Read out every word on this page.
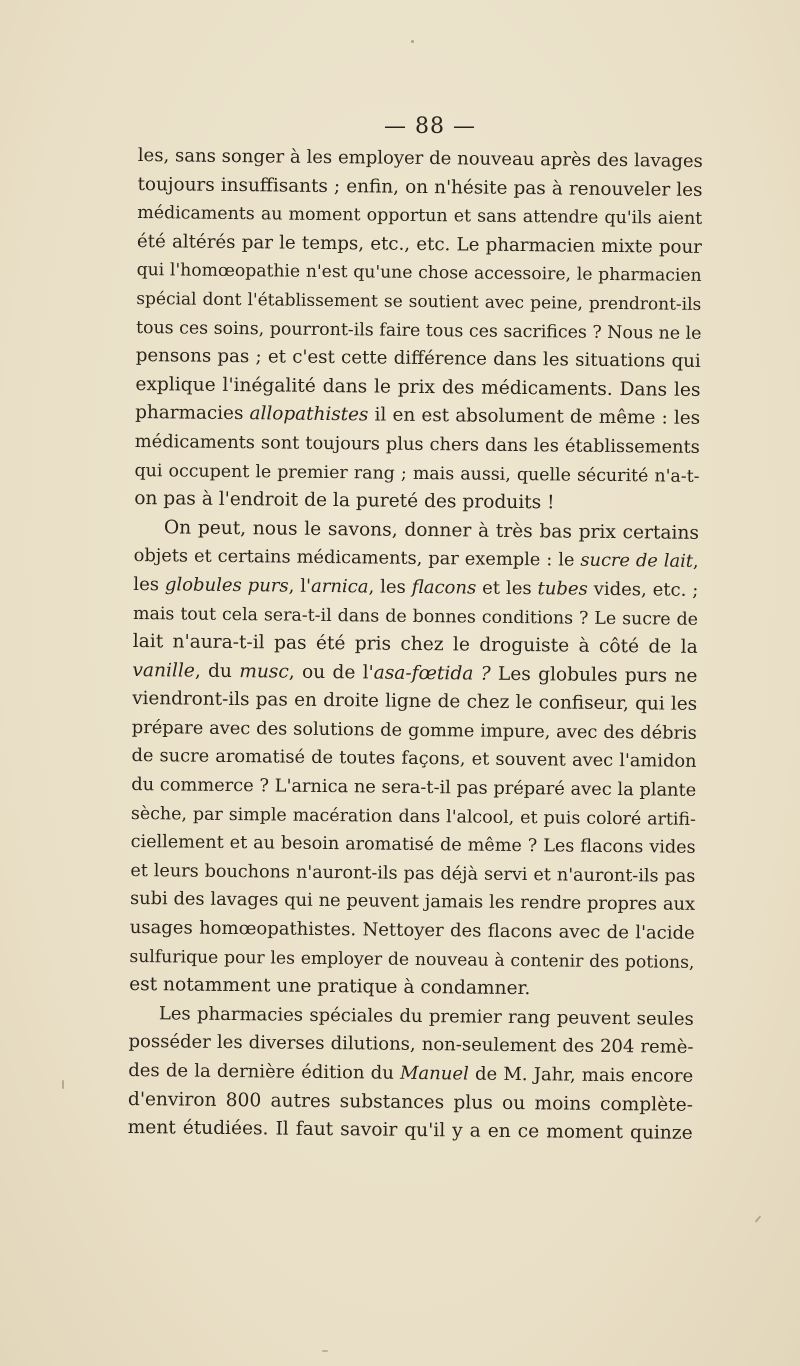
— 88 —
les, sans songer à les employer de nouveau après des lavages
toujours insuffisants ; enfin, on n'hésite pas à renouveler les
médicaments au moment opportun et sans attendre qu'ils aient
été altérés par le temps, etc., etc. Le pharmacien mixte pour
qui l'homœopathie n'est qu'une chose accessoire, le pharmacien
spécial dont l'établissement se soutient avec peine, prendront-ils
tous ces soins, pourront-ils faire tous ces sacrifices ? Nous ne le
pensons pas ; et c'est cette différence dans les situations qui
explique l'inégalité dans le prix des médicaments. Dans les
pharmacies allopathistes il en est absolument de même : les
médicaments sont toujours plus chers dans les établissements
qui occupent le premier rang ; mais aussi, quelle sécurité n'a-t-
on pas à l'endroit de la pureté des produits !
On peut, nous le savons, donner à très bas prix certains
objets et certains médicaments, par exemple : le sucre de lait,
les globules purs, l'arnica, les flacons et les tubes vides, etc. ;
mais tout cela sera-t-il dans de bonnes conditions ? Le sucre de
lait n'aura-t-il pas été pris chez le droguiste à côté de la
vanille, du musc, ou de l'asa-fœtida ? Les globules purs ne
viendront-ils pas en droite ligne de chez le confiseur, qui les
prépare avec des solutions de gomme impure, avec des débris
de sucre aromatisé de toutes façons, et souvent avec l'amidon
du commerce ? L'arnica ne sera-t-il pas préparé avec la plante
sèche, par simple macération dans l'alcool, et puis coloré artifi-
ciellement et au besoin aromatisé de même ? Les flacons vides
et leurs bouchons n'auront-ils pas déjà servi et n'auront-ils pas
subi des lavages qui ne peuvent jamais les rendre propres aux
usages homœopathistes. Nettoyer des flacons avec de l'acide
sulfurique pour les employer de nouveau à contenir des potions,
est notamment une pratique à condamner.
Les pharmacies spéciales du premier rang peuvent seules
posséder les diverses dilutions, non-seulement des 204 remè-
des de la dernière édition du Manuel de M. Jahr, mais encore
d'environ 800 autres substances plus ou moins complète-
ment étudiées. Il faut savoir qu'il y a en ce moment quinze
